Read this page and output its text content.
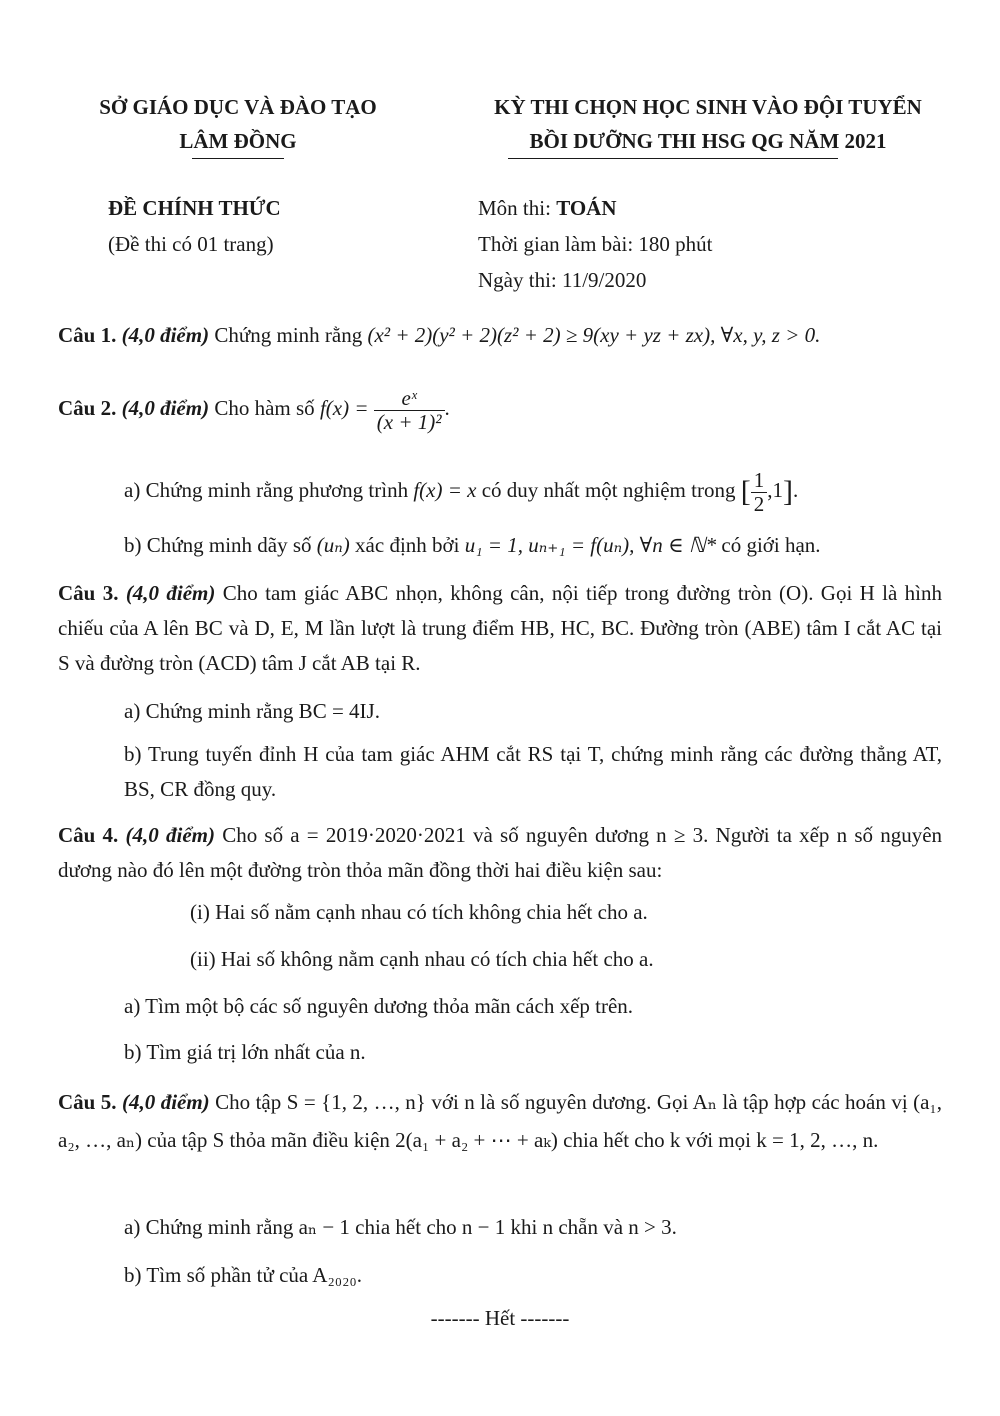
SỞ GIÁO DỤC VÀ ĐÀO TẠO
LÂM ĐỒNG
KỲ THI CHỌN HỌC SINH VÀO ĐỘI TUYỂN
BỒI DƯỠNG THI HSG QG NĂM 2021
ĐỀ CHÍNH THỨC
(Đề thi có 01 trang)
Môn thi: TOÁN
Thời gian làm bài: 180 phút
Ngày thi: 11/9/2020
Câu 1. (4,0 điểm) Chứng minh rằng (x² + 2)(y² + 2)(z² + 2) ≥ 9(xy + yz + zx), ∀x, y, z > 0.
Câu 2. (4,0 điểm) Cho hàm số $f(x) = \frac{\text{eˣ}}{\text{(x + 1)²}}$ .
a) Chứng minh rằng phương trình f(x) = x có duy nhất một nghiệm trong [ $\frac{1}{2} ,1$].
b) Chứng minh dãy số (uₙ) xác định bởi u₁ = 1, uₙ₊₁ = f(uₙ), ∀n ∈ ℕ* có giới hạn.
Câu 3. (4,0 điểm) Cho tam giác ABC nhọn, không cân, nội tiếp trong đường tròn (O). Gọi H là hình chiếu của A lên BC và D, E, M lần lượt là trung điểm HB, HC, BC. Đường tròn (ABE) tâm I cắt AC tại S và đường tròn (ACD) tâm J cắt AB tại R.
a) Chứng minh rằng BC = 4IJ.
b) Trung tuyến đỉnh H của tam giác AHM cắt RS tại T, chứng minh rằng các đường thẳng AT, BS, CR đồng quy.
Câu 4. (4,0 điểm) Cho số a = 2019·2020·2021 và số nguyên dương n ≥ 3. Người ta xếp n số nguyên dương nào đó lên một đường tròn thỏa mãn đồng thời hai điều kiện sau:
(i) Hai số nằm cạnh nhau có tích không chia hết cho a.
(ii) Hai số không nằm cạnh nhau có tích chia hết cho a.
a) Tìm một bộ các số nguyên dương thỏa mãn cách xếp trên.
b) Tìm giá trị lớn nhất của n.
Câu 5. (4,0 điểm) Cho tập S = {1, 2, …, n} với n là số nguyên dương. Gọi Aₙ là tập hợp các hoán vị (a₁, a₂, …, aₙ) của tập S thỏa mãn điều kiện 2(a₁ + a₂ + ⋯ + aₖ) chia hết cho k với mọi k = 1, 2, …, n.
a) Chứng minh rằng aₙ − 1 chia hết cho n − 1 khi n chẵn và n > 3.
b) Tìm số phần tử của A₂₀₂₀.
------- Hết -------
